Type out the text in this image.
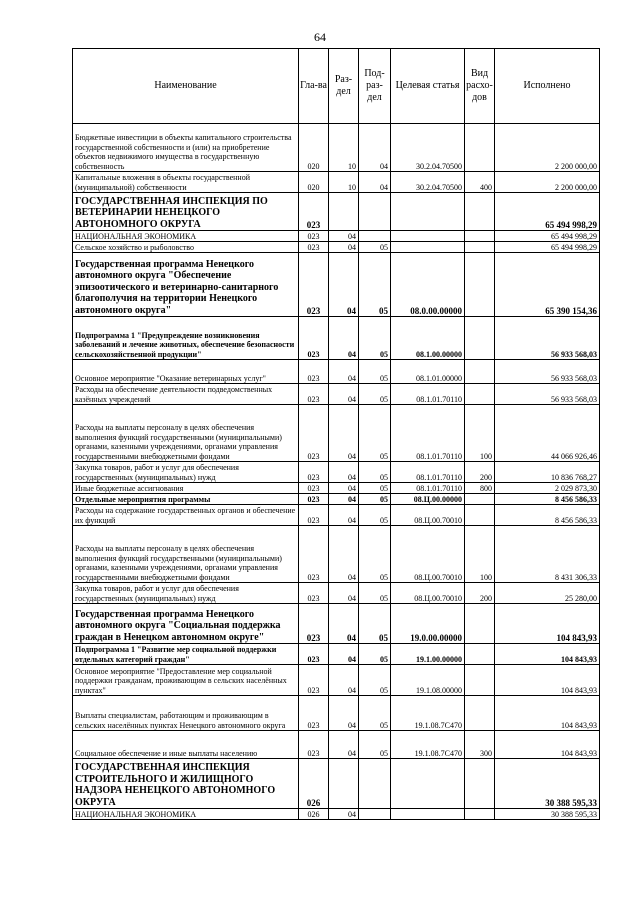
64
Наименование	Гла-ва	Раз-дел	Под-раз-дел	Целевая статья	Вид расхо-дов	Исполнено
Бюджетные инвестиции в объекты капитального строительства государственной собственности и (или) на приобретение объектов недвижимого имущества в государственную собственность	020	10	04	30.2.04.70500		2 200 000,00
Капитальные вложения в объекты государственной (муниципальной) собственности	020	10	04	30.2.04.70500	400	2 200 000,00
ГОСУДАРСТВЕННАЯ ИНСПЕКЦИЯ ПО ВЕТЕРИНАРИИ НЕНЕЦКОГО АВТОНОМНОГО ОКРУГА	023					65 494 998,29
НАЦИОНАЛЬНАЯ ЭКОНОМИКА	023	04				65 494 998,29
Сельское хозяйство и рыболовство	023	04	05			65 494 998,29
Государственная программа Ненецкого автономного округа "Обеспечение эпизоотического и ветеринарно-санитарного благополучия на территории Ненецкого автономного округа"	023	04	05	08.0.00.00000		65 390 154,36
Подпрограмма 1 "Предупреждение возникновения заболеваний и лечение животных, обеспечение безопасности сельскохозяйственной продукции"	023	04	05	08.1.00.00000		56 933 568,03
Основное мероприятие "Оказание ветеринарных услуг"	023	04	05	08.1.01.00000		56 933 568,03
Расходы на обеспечение деятельности подведомственных казённых учреждений	023	04	05	08.1.01.70110		56 933 568,03
Расходы на выплаты персоналу в целях обеспечения выполнения функций государственными (муниципальными) органами, казенными учреждениями, органами управления государственными внебюджетными фондами	023	04	05	08.1.01.70110	100	44 066 926,46
Закупка товаров, работ и услуг для обеспечения государственных (муниципальных) нужд	023	04	05	08.1.01.70110	200	10 836 768,27
Иные бюджетные ассигнования	023	04	05	08.1.01.70110	800	2 029 873,30
Отдельные мероприятия программы	023	04	05	08.Ц.00.00000		8 456 586,33
Расходы на содержание государственных органов и обеспечение их функций	023	04	05	08.Ц.00.70010		8 456 586,33
Расходы на выплаты персоналу в целях обеспечения выполнения функций государственными (муниципальными) органами, казенными учреждениями, органами управления государственными внебюджетными фондами	023	04	05	08.Ц.00.70010	100	8 431 306,33
Закупка товаров, работ и услуг для обеспечения государственных (муниципальных) нужд	023	04	05	08.Ц.00.70010	200	25 280,00
Государственная программа Ненецкого автономного округа "Социальная поддержка граждан в Ненецком автономном округе"	023	04	05	19.0.00.00000		104 843,93
Подпрограмма 1 "Развитие мер социальной поддержки отдельных категорий граждан"	023	04	05	19.1.00.00000		104 843,93
Основное мероприятие "Предоставление мер социальной поддержки гражданам, проживающим в сельских населённых пунктах"	023	04	05	19.1.08.00000		104 843,93
Выплаты специалистам, работающим и проживающим в сельских населённых пунктах Ненецкого автономного округа	023	04	05	19.1.08.7C470		104 843,93
Социальное обеспечение и иные выплаты населению	023	04	05	19.1.08.7C470	300	104 843,93
ГОСУДАРСТВЕННАЯ ИНСПЕКЦИЯ СТРОИТЕЛЬНОГО И ЖИЛИЩНОГО НАДЗОРА НЕНЕЦКОГО АВТОНОМНОГО ОКРУГА	026					30 388 595,33
НАЦИОНАЛЬНАЯ ЭКОНОМИКА	026	04				30 388 595,33
